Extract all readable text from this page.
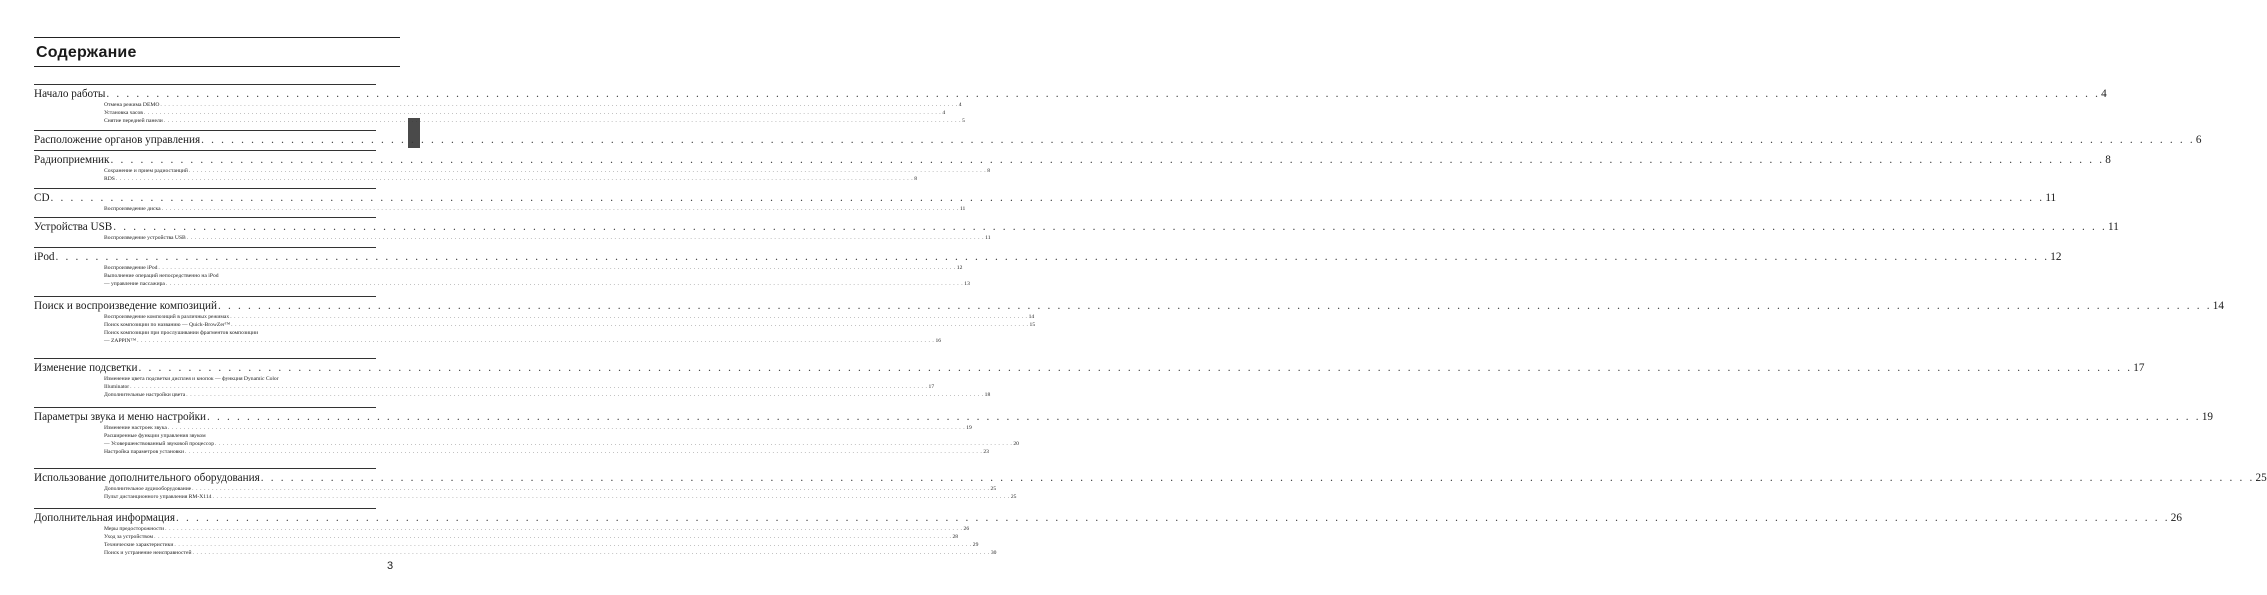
Содержание
Начало работы . . . . . . . . . . . . . . . . . . . . . . . . . . . . . . . . . . . . . . . . . . . . . . . . . . . . . . . . . . . . . . . . . . . . . . . . . . . . . . . . . . . . . . . . . . . . . . . . . . . . . . . . . . . . . . . . . . . . . . . . . . . . . . . . . . . . . . . . . . . . . . . . . . . . . . . . . . . . . . . . . . . . . . . . . . . . . . . . . . . . . . . . . . . . . . . . . . . . . . . . 4
Отмена режима DEMO . . . . . . . . . . . . . . . . . . . . . . . . . . . . . . . . . . . . . . . . . . . . . . . . . . . . . . . . . . . . . . . . . . . . . . . . . . . . . . . . . . . . . . . . . . . . . . . . . . . . . . . . . . . . . . . . . . . . . . . . . . . . . . . . . . . . . . . . . . . . . . . . . . . . . . . . . . . . . . . . . . . . . . . . . . . . . . . . . . . . . . . . . . . . . . . . . . . . . . . . 4
Установка часов . . . . . . . . . . . . . . . . . . . . . . . . . . . . . . . . . . . . . . . . . . . . . . . . . . . . . . . . . . . . . . . . . . . . . . . . . . . . . . . . . . . . . . . . . . . . . . . . . . . . . . . . . . . . . . . . . . . . . . . . . . . . . . . . . . . . . . . . . . . . . . . . . . . . . . . . . . . . . . . . . . . . . . . . . . . . . . . . . . . . . . . . . . . . . . . . . . . . . . . . 4
Снятие передней панели . . . . . . . . . . . . . . . . . . . . . . . . . . . . . . . . . . . . . . . . . . . . . . . . . . . . . . . . . . . . . . . . . . . . . . . . . . . . . . . . . . . . . . . . . . . . . . . . . . . . . . . . . . . . . . . . . . . . . . . . . . . . . . . . . . . . . . . . . . . . . . . . . . . . . . . . . . . . . . . . . . . . . . . . . . . . . . . . . . . . . . . . . . . . . . . . . . . . . . . . 5
Расположение органов управления . . . . . . . . . . . . . . . . . . . . . . . . . . . . . . . . . . . . . . . . . . . . . . . . . . . . . . . . . . . . . . . . . . . . . . . . . . . . . . . . . . . . . . . . . . . . . . . . . . . . . . . . . . . . . . . . . . . . . . . . . . . . . . . . . . . . . . . . . . . . . . . . . . . . . . . . . . . . . . . . . . . . . . . . . . . . . . . . . . . . . . . . . . . . . . . . . . . . . . . . 6
Радиоприемник . . . . . . . . . . . . . . . . . . . . . . . . . . . . . . . . . . . . . . . . . . . . . . . . . . . . . . . . . . . . . . . . . . . . . . . . . . . . . . . . . . . . . . . . . . . . . . . . . . . . . . . . . . . . . . . . . . . . . . . . . . . . . . . . . . . . . . . . . . . . . . . . . . . . . . . . . . . . . . . . . . . . . . . . . . . . . . . . . . . . . . . . . . . . . . . . . . . . . . . . 8
Сохранение и прием радиостанций . . . . . . . . . . . . . . . . . . . . . . . . . . . . . . . . . . . . . . . . . . . . . . . . . . . . . . . . . . . . . . . . . . . . . . . . . . . . . . . . . . . . . . . . . . . . . . . . . . . . . . . . . . . . . . . . . . . . . . . . . . . . . . . . . . . . . . . . . . . . . . . . . . . . . . . . . . . . . . . . . . . . . . . . . . . . . . . . . . . . . . . . . . . . . . . . . . . . . . . . 8
RDS . . . . . . . . . . . . . . . . . . . . . . . . . . . . . . . . . . . . . . . . . . . . . . . . . . . . . . . . . . . . . . . . . . . . . . . . . . . . . . . . . . . . . . . . . . . . . . . . . . . . . . . . . . . . . . . . . . . . . . . . . . . . . . . . . . . . . . . . . . . . . . . . . . . . . . . . . . . . . . . . . . . . . . . . . . . . . . . . . . . . . . . . . . . . . . . . . . . . . . . . 8
CD . . . . . . . . . . . . . . . . . . . . . . . . . . . . . . . . . . . . . . . . . . . . . . . . . . . . . . . . . . . . . . . . . . . . . . . . . . . . . . . . . . . . . . . . . . . . . . . . . . . . . . . . . . . . . . . . . . . . . . . . . . . . . . . . . . . . . . . . . . . . . . . . . . . . . . . . . . . . . . . . . . . . . . . . . . . . . . . . . . . . . . . . . . . . . . . . . . . . . . . . 11
Воспроизведение диска . . . . . . . . . . . . . . . . . . . . . . . . . . . . . . . . . . . . . . . . . . . . . . . . . . . . . . . . . . . . . . . . . . . . . . . . . . . . . . . . . . . . . . . . . . . . . . . . . . . . . . . . . . . . . . . . . . . . . . . . . . . . . . . . . . . . . . . . . . . . . . . . . . . . . . . . . . . . . . . . . . . . . . . . . . . . . . . . . . . . . . . . . . . . . . . . . . . . . . . . 11
Устройства USB . . . . . . . . . . . . . . . . . . . . . . . . . . . . . . . . . . . . . . . . . . . . . . . . . . . . . . . . . . . . . . . . . . . . . . . . . . . . . . . . . . . . . . . . . . . . . . . . . . . . . . . . . . . . . . . . . . . . . . . . . . . . . . . . . . . . . . . . . . . . . . . . . . . . . . . . . . . . . . . . . . . . . . . . . . . . . . . . . . . . . . . . . . . . . . . . . . . . . . . . 11
Воспроизведение устройства USB . . . . . . . . . . . . . . . . . . . . . . . . . . . . . . . . . . . . . . . . . . . . . . . . . . . . . . . . . . . . . . . . . . . . . . . . . . . . . . . . . . . . . . . . . . . . . . . . . . . . . . . . . . . . . . . . . . . . . . . . . . . . . . . . . . . . . . . . . . . . . . . . . . . . . . . . . . . . . . . . . . . . . . . . . . . . . . . . . . . . . . . . . . . . . . . . . . . . . . . . 11
iPod . . . . . . . . . . . . . . . . . . . . . . . . . . . . . . . . . . . . . . . . . . . . . . . . . . . . . . . . . . . . . . . . . . . . . . . . . . . . . . . . . . . . . . . . . . . . . . . . . . . . . . . . . . . . . . . . . . . . . . . . . . . . . . . . . . . . . . . . . . . . . . . . . . . . . . . . . . . . . . . . . . . . . . . . . . . . . . . . . . . . . . . . . . . . . . . . . . . . . . . . 12
Воспроизведение iPod . . . . . . . . . . . . . . . . . . . . . . . . . . . . . . . . . . . . . . . . . . . . . . . . . . . . . . . . . . . . . . . . . . . . . . . . . . . . . . . . . . . . . . . . . . . . . . . . . . . . . . . . . . . . . . . . . . . . . . . . . . . . . . . . . . . . . . . . . . . . . . . . . . . . . . . . . . . . . . . . . . . . . . . . . . . . . . . . . . . . . . . . . . . . . . . . . . . . . . . . 12
Выполнение операций непосредственно на iPod
— управление пассажира . . . . . . . . . . . . . . . . . . . . . . . . . . . . . . . . . . . . . . . . . . . . . . . . . . . . . . . . . . . . . . . . . . . . . . . . . . . . . . . . . . . . . . . . . . . . . . . . . . . . . . . . . . . . . . . . . . . . . . . . . . . . . . . . . . . . . . . . . . . . . . . . . . . . . . . . . . . . . . . . . . . . . . . . . . . . . . . . . . . . . . . . . . . . . . . . . . . . . . . . 13
Поиск и воспроизведение композиций . . . . . . . . . . . . . . . . . . . . . . . . . . . . . . . . . . . . . . . . . . . . . . . . . . . . . . . . . . . . . . . . . . . . . . . . . . . . . . . . . . . . . . . . . . . . . . . . . . . . . . . . . . . . . . . . . . . . . . . . . . . . . . . . . . . . . . . . . . . . . . . . . . . . . . . . . . . . . . . . . . . . . . . . . . . . . . . . . . . . . . . . . . . . . . . . . . . . . . . . 14
Воспроизведение композиций в различных режимах . . . . . . . . . . . . . . . . . . . . . . . . . . . . . . . . . . . . . . . . . . . . . . . . . . . . . . . . . . . . . . . . . . . . . . . . . . . . . . . . . . . . . . . . . . . . . . . . . . . . . . . . . . . . . . . . . . . . . . . . . . . . . . . . . . . . . . . . . . . . . . . . . . . . . . . . . . . . . . . . . . . . . . . . . . . . . . . . . . . . . . . . . . . . . . . . . . . . . . . . 14
Поиск композиции по названию — Quick-BrowZer™ . . . . . . . . . . . . . . . . . . . . . . . . . . . . . . . . . . . . . . . . . . . . . . . . . . . . . . . . . . . . . . . . . . . . . . . . . . . . . . . . . . . . . . . . . . . . . . . . . . . . . . . . . . . . . . . . . . . . . . . . . . . . . . . . . . . . . . . . . . . . . . . . . . . . . . . . . . . . . . . . . . . . . . . . . . . . . . . . . . . . . . . . . . . . . . . . . . . . . . . . 15
Поиск композиции при прослушивании фрагментов композиции
— ZAPPIN™ . . . . . . . . . . . . . . . . . . . . . . . . . . . . . . . . . . . . . . . . . . . . . . . . . . . . . . . . . . . . . . . . . . . . . . . . . . . . . . . . . . . . . . . . . . . . . . . . . . . . . . . . . . . . . . . . . . . . . . . . . . . . . . . . . . . . . . . . . . . . . . . . . . . . . . . . . . . . . . . . . . . . . . . . . . . . . . . . . . . . . . . . . . . . . . . . . . . . . . . . 16
Изменение подсветки . . . . . . . . . . . . . . . . . . . . . . . . . . . . . . . . . . . . . . . . . . . . . . . . . . . . . . . . . . . . . . . . . . . . . . . . . . . . . . . . . . . . . . . . . . . . . . . . . . . . . . . . . . . . . . . . . . . . . . . . . . . . . . . . . . . . . . . . . . . . . . . . . . . . . . . . . . . . . . . . . . . . . . . . . . . . . . . . . . . . . . . . . . . . . . . . . . . . . . . . 17
Изменение цвета подсветки дисплея и кнопок — функция Dynamic Color
Illuminator . . . . . . . . . . . . . . . . . . . . . . . . . . . . . . . . . . . . . . . . . . . . . . . . . . . . . . . . . . . . . . . . . . . . . . . . . . . . . . . . . . . . . . . . . . . . . . . . . . . . . . . . . . . . . . . . . . . . . . . . . . . . . . . . . . . . . . . . . . . . . . . . . . . . . . . . . . . . . . . . . . . . . . . . . . . . . . . . . . . . . . . . . . . . . . . . . . . . . . . . 17
Дополнительные настройки цвета . . . . . . . . . . . . . . . . . . . . . . . . . . . . . . . . . . . . . . . . . . . . . . . . . . . . . . . . . . . . . . . . . . . . . . . . . . . . . . . . . . . . . . . . . . . . . . . . . . . . . . . . . . . . . . . . . . . . . . . . . . . . . . . . . . . . . . . . . . . . . . . . . . . . . . . . . . . . . . . . . . . . . . . . . . . . . . . . . . . . . . . . . . . . . . . . . . . . . . . . 18
Параметры звука и меню настройки . . . . . . . . . . . . . . . . . . . . . . . . . . . . . . . . . . . . . . . . . . . . . . . . . . . . . . . . . . . . . . . . . . . . . . . . . . . . . . . . . . . . . . . . . . . . . . . . . . . . . . . . . . . . . . . . . . . . . . . . . . . . . . . . . . . . . . . . . . . . . . . . . . . . . . . . . . . . . . . . . . . . . . . . . . . . . . . . . . . . . . . . . . . . . . . . . . . . . . . . 19
Изменение настроек звука . . . . . . . . . . . . . . . . . . . . . . . . . . . . . . . . . . . . . . . . . . . . . . . . . . . . . . . . . . . . . . . . . . . . . . . . . . . . . . . . . . . . . . . . . . . . . . . . . . . . . . . . . . . . . . . . . . . . . . . . . . . . . . . . . . . . . . . . . . . . . . . . . . . . . . . . . . . . . . . . . . . . . . . . . . . . . . . . . . . . . . . . . . . . . . . . . . . . . . . . 19
Расширенные функции управления звуком
— Усовершенствованный звуковой процессор . . . . . . . . . . . . . . . . . . . . . . . . . . . . . . . . . . . . . . . . . . . . . . . . . . . . . . . . . . . . . . . . . . . . . . . . . . . . . . . . . . . . . . . . . . . . . . . . . . . . . . . . . . . . . . . . . . . . . . . . . . . . . . . . . . . . . . . . . . . . . . . . . . . . . . . . . . . . . . . . . . . . . . . . . . . . . . . . . . . . . . . . . . . . . . . . . . . . . . . . 20
Настройка параметров установки . . . . . . . . . . . . . . . . . . . . . . . . . . . . . . . . . . . . . . . . . . . . . . . . . . . . . . . . . . . . . . . . . . . . . . . . . . . . . . . . . . . . . . . . . . . . . . . . . . . . . . . . . . . . . . . . . . . . . . . . . . . . . . . . . . . . . . . . . . . . . . . . . . . . . . . . . . . . . . . . . . . . . . . . . . . . . . . . . . . . . . . . . . . . . . . . . . . . . . . . 23
Использование дополнительного оборудования . . . . . . . . . . . . . . . . . . . . . . . . . . . . . . . . . . . . . . . . . . . . . . . . . . . . . . . . . . . . . . . . . . . . . . . . . . . . . . . . . . . . . . . . . . . . . . . . . . . . . . . . . . . . . . . . . . . . . . . . . . . . . . . . . . . . . . . . . . . . . . . . . . . . . . . . . . . . . . . . . . . . . . . . . . . . . . . . . . . . . . . . . . . . . . . . . . . . . . . . 25
Дополнительное аудиооборудование . . . . . . . . . . . . . . . . . . . . . . . . . . . . . . . . . . . . . . . . . . . . . . . . . . . . . . . . . . . . . . . . . . . . . . . . . . . . . . . . . . . . . . . . . . . . . . . . . . . . . . . . . . . . . . . . . . . . . . . . . . . . . . . . . . . . . . . . . . . . . . . . . . . . . . . . . . . . . . . . . . . . . . . . . . . . . . . . . . . . . . . . . . . . . . . . . . . . . . . . 25
Пульт дистанционного управления RM-X114 . . . . . . . . . . . . . . . . . . . . . . . . . . . . . . . . . . . . . . . . . . . . . . . . . . . . . . . . . . . . . . . . . . . . . . . . . . . . . . . . . . . . . . . . . . . . . . . . . . . . . . . . . . . . . . . . . . . . . . . . . . . . . . . . . . . . . . . . . . . . . . . . . . . . . . . . . . . . . . . . . . . . . . . . . . . . . . . . . . . . . . . . . . . . . . . . . . . . . . . . 25
Дополнительная информация . . . . . . . . . . . . . . . . . . . . . . . . . . . . . . . . . . . . . . . . . . . . . . . . . . . . . . . . . . . . . . . . . . . . . . . . . . . . . . . . . . . . . . . . . . . . . . . . . . . . . . . . . . . . . . . . . . . . . . . . . . . . . . . . . . . . . . . . . . . . . . . . . . . . . . . . . . . . . . . . . . . . . . . . . . . . . . . . . . . . . . . . . . . . . . . . . . . . . . . . 26
Меры предосторожности . . . . . . . . . . . . . . . . . . . . . . . . . . . . . . . . . . . . . . . . . . . . . . . . . . . . . . . . . . . . . . . . . . . . . . . . . . . . . . . . . . . . . . . . . . . . . . . . . . . . . . . . . . . . . . . . . . . . . . . . . . . . . . . . . . . . . . . . . . . . . . . . . . . . . . . . . . . . . . . . . . . . . . . . . . . . . . . . . . . . . . . . . . . . . . . . . . . . . . . . 26
Уход за устройством . . . . . . . . . . . . . . . . . . . . . . . . . . . . . . . . . . . . . . . . . . . . . . . . . . . . . . . . . . . . . . . . . . . . . . . . . . . . . . . . . . . . . . . . . . . . . . . . . . . . . . . . . . . . . . . . . . . . . . . . . . . . . . . . . . . . . . . . . . . . . . . . . . . . . . . . . . . . . . . . . . . . . . . . . . . . . . . . . . . . . . . . . . . . . . . . . . . . . . . . 28
Технические характеристики . . . . . . . . . . . . . . . . . . . . . . . . . . . . . . . . . . . . . . . . . . . . . . . . . . . . . . . . . . . . . . . . . . . . . . . . . . . . . . . . . . . . . . . . . . . . . . . . . . . . . . . . . . . . . . . . . . . . . . . . . . . . . . . . . . . . . . . . . . . . . . . . . . . . . . . . . . . . . . . . . . . . . . . . . . . . . . . . . . . . . . . . . . . . . . . . . . . . . . . . 29
Поиск и устранение неисправностей . . . . . . . . . . . . . . . . . . . . . . . . . . . . . . . . . . . . . . . . . . . . . . . . . . . . . . . . . . . . . . . . . . . . . . . . . . . . . . . . . . . . . . . . . . . . . . . . . . . . . . . . . . . . . . . . . . . . . . . . . . . . . . . . . . . . . . . . . . . . . . . . . . . . . . . . . . . . . . . . . . . . . . . . . . . . . . . . . . . . . . . . . . . . . . . . . . . . . . . . 30
3
